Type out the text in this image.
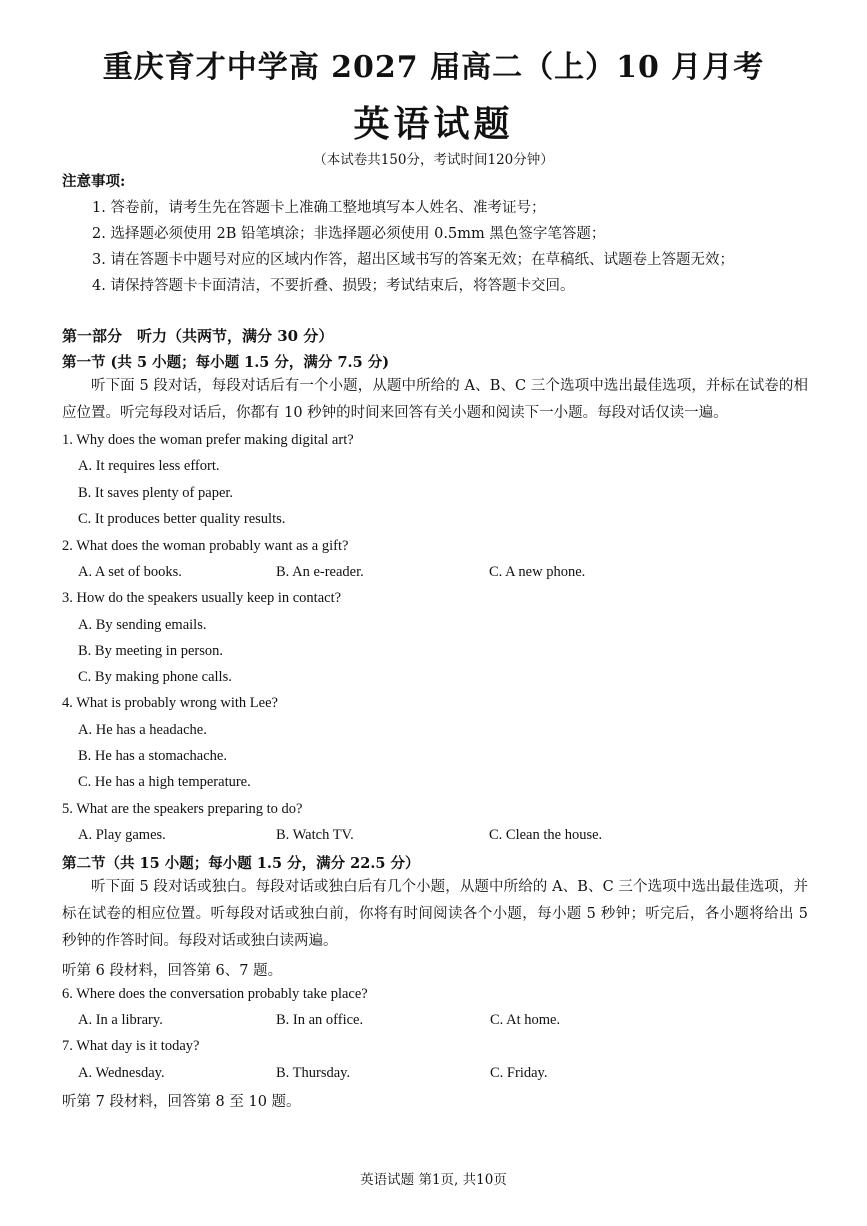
重庆育才中学高 2027 届高二（上）10 月月考
英语试题
（本试卷共150分，考试时间120分钟）
注意事项:
1. 答卷前，请考生先在答题卡上准确工整地填写本人姓名、准考证号；
2. 选择题必须使用 2B 铅笔填涂；非选择题必须使用 0.5mm 黑色签字笔答题；
3. 请在答题卡中题号对应的区域内作答，超出区域书写的答案无效；在草稿纸、试题卷上答题无效；
4. 请保持答题卡卡面清洁，不要折叠、损毁；考试结束后，将答题卡交回。
第一部分　听力（共两节，满分 30 分）
第一节 (共 5 小题；每小题 1.5 分，满分 7.5 分)
听下面 5 段对话，每段对话后有一个小题，从题中所给的 A、B、C 三个选项中选出最佳选项，并标在试卷的相应位置。听完每段对话后，你都有 10 秒钟的时间来回答有关小题和阅读下一小题。每段对话仅读一遍。
1. Why does the woman prefer making digital art?
A. It requires less effort.
B. It saves plenty of paper.
C. It produces better quality results.
2. What does the woman probably want as a gift?
A. A set of books.	B. An e-reader.	C. A new phone.
3. How do the speakers usually keep in contact?
A. By sending emails.
B. By meeting in person.
C. By making phone calls.
4. What is probably wrong with Lee?
A. He has a headache.
B. He has a stomachache.
C. He has a high temperature.
5. What are the speakers preparing to do?
A. Play games.	B. Watch TV.	C. Clean the house.
第二节（共 15 小题；每小题 1.5 分，满分 22.5 分）
听下面 5 段对话或独白。每段对话或独白后有几个小题，从题中所给的 A、B、C 三个选项中选出最佳选项，并标在试卷的相应位置。听每段对话或独白前，你将有时间阅读各个小题，每小题 5 秒钟；听完后，各小题将给出 5 秒钟的作答时间。每段对话或独白读两遍。
听第 6 段材料，回答第 6、7 题。
6. Where does the conversation probably take place?
A. In a library.	B. In an office.	C. At home.
7. What day is it today?
A. Wednesday.	B. Thursday.	C. Friday.
听第 7 段材料，回答第 8 至 10 题。
英语试题 第1页, 共10页
